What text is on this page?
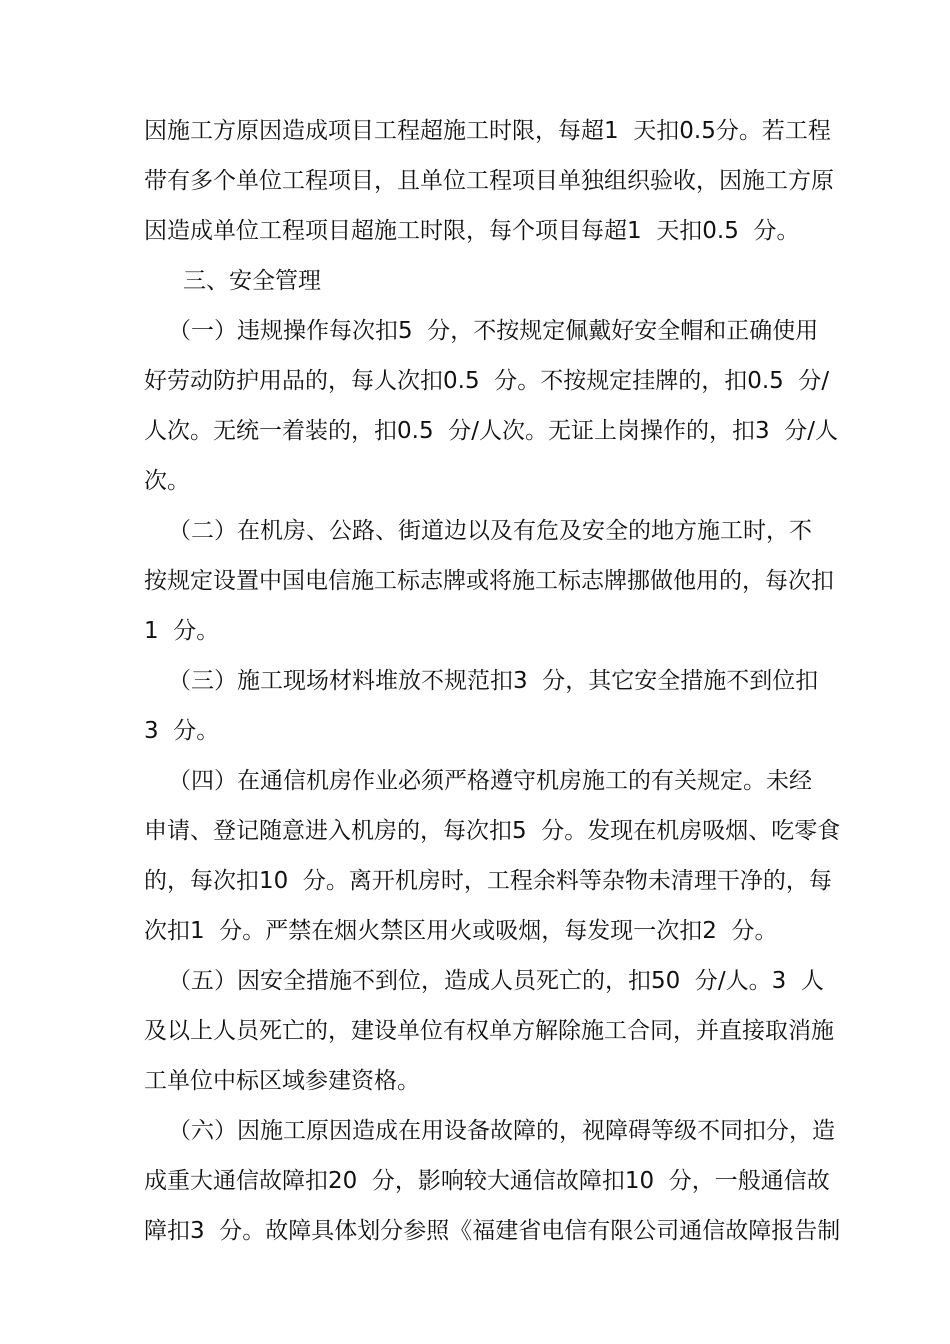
因施工方原因造成项目工程超施工时限，每超1  天扣0.5分。若工程
带有多个单位工程项目，且单位工程项目单独组织验收，因施工方原
因造成单位工程项目超施工时限，每个项目每超1  天扣0.5  分。
三、安全管理
（一）违规操作每次扣5  分，不按规定佩戴好安全帽和正确使用
好劳动防护用品的，每人次扣0.5  分。不按规定挂牌的，扣0.5  分/
人次。无统一着装的，扣0.5  分/人次。无证上岗操作的，扣3  分/人
次。
（二）在机房、公路、街道边以及有危及安全的地方施工时，不
按规定设置中国电信施工标志牌或将施工标志牌挪做他用的，每次扣
1  分。
（三）施工现场材料堆放不规范扣3  分，其它安全措施不到位扣
3  分。
（四）在通信机房作业必须严格遵守机房施工的有关规定。未经
申请、登记随意进入机房的，每次扣5  分。发现在机房吸烟、吃零食
的，每次扣10  分。离开机房时，工程余料等杂物未清理干净的，每
次扣1  分。严禁在烟火禁区用火或吸烟，每发现一次扣2  分。
（五）因安全措施不到位，造成人员死亡的，扣50  分/人。3  人
及以上人员死亡的，建设单位有权单方解除施工合同，并直接取消施
工单位中标区域参建资格。
（六）因施工原因造成在用设备故障的，视障碍等级不同扣分，造
成重大通信故障扣20  分，影响较大通信故障扣10  分，一般通信故
障扣3  分。故障具体划分参照《福建省电信有限公司通信故障报告制
